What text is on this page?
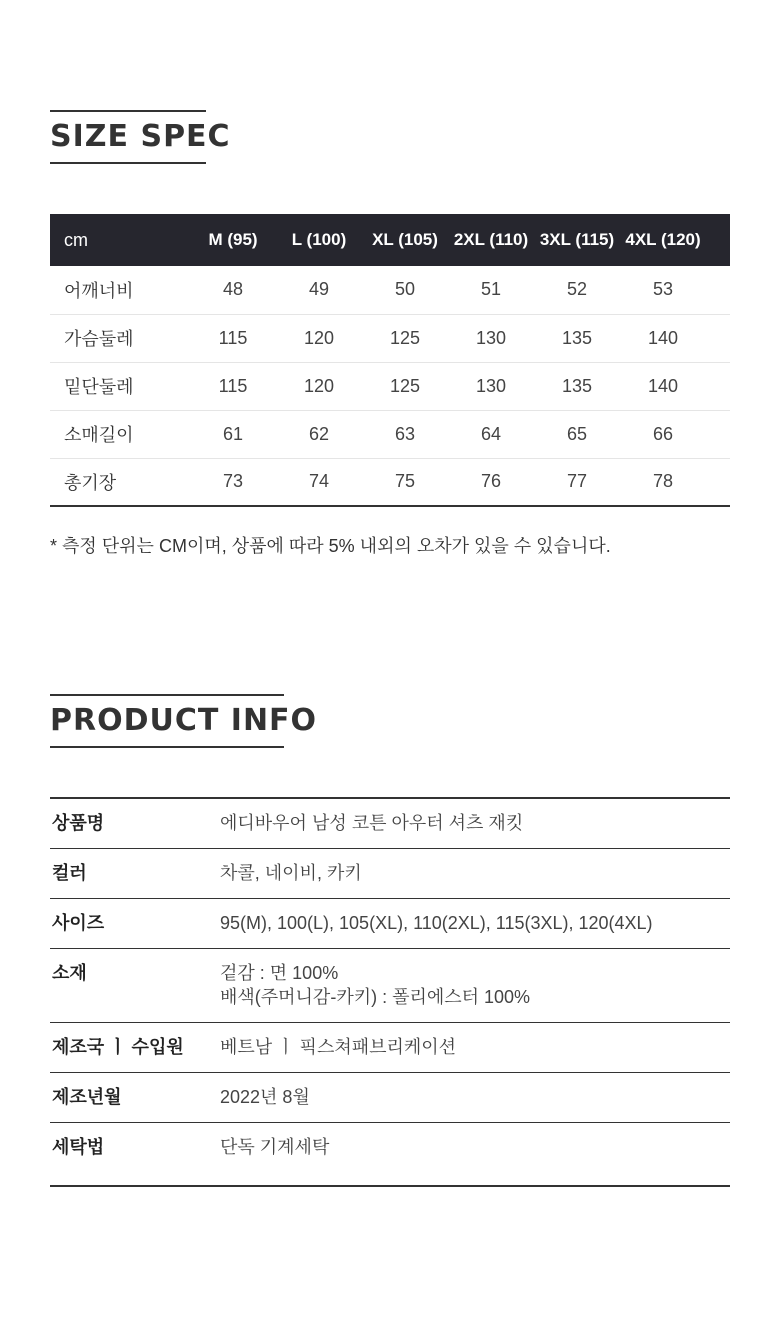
SIZE SPEC
cm	M (95)	L (100)	XL (105)	2XL (110)	3XL (115)	4XL (120)	
어깨너비	48	49	50	51	52	53	
가슴둘레	115	120	125	130	135	140	
밑단둘레	115	120	125	130	135	140	
소매길이	61	62	63	64	65	66	
총기장	73	74	75	76	77	78	
* 측정 단위는 CM이며, 상품에 따라 5% 내외의 오차가 있을 수 있습니다.
PRODUCT INFO
상품명	에디바우어 남성 코튼 아우터 셔츠 재킷

컬러	차콜, 네이비, 카키

사이즈	95(M), 100(L), 105(XL), 110(2XL), 115(3XL), 120(4XL)

소재	겉감 : 면 100%
배색(주머니감-카키) : 폴리에스터 100%

제조국 ㅣ 수입원	베트남 ㅣ 픽스쳐패브리케이션

제조년월	2022년 8월

세탁법	단독 기계세탁
